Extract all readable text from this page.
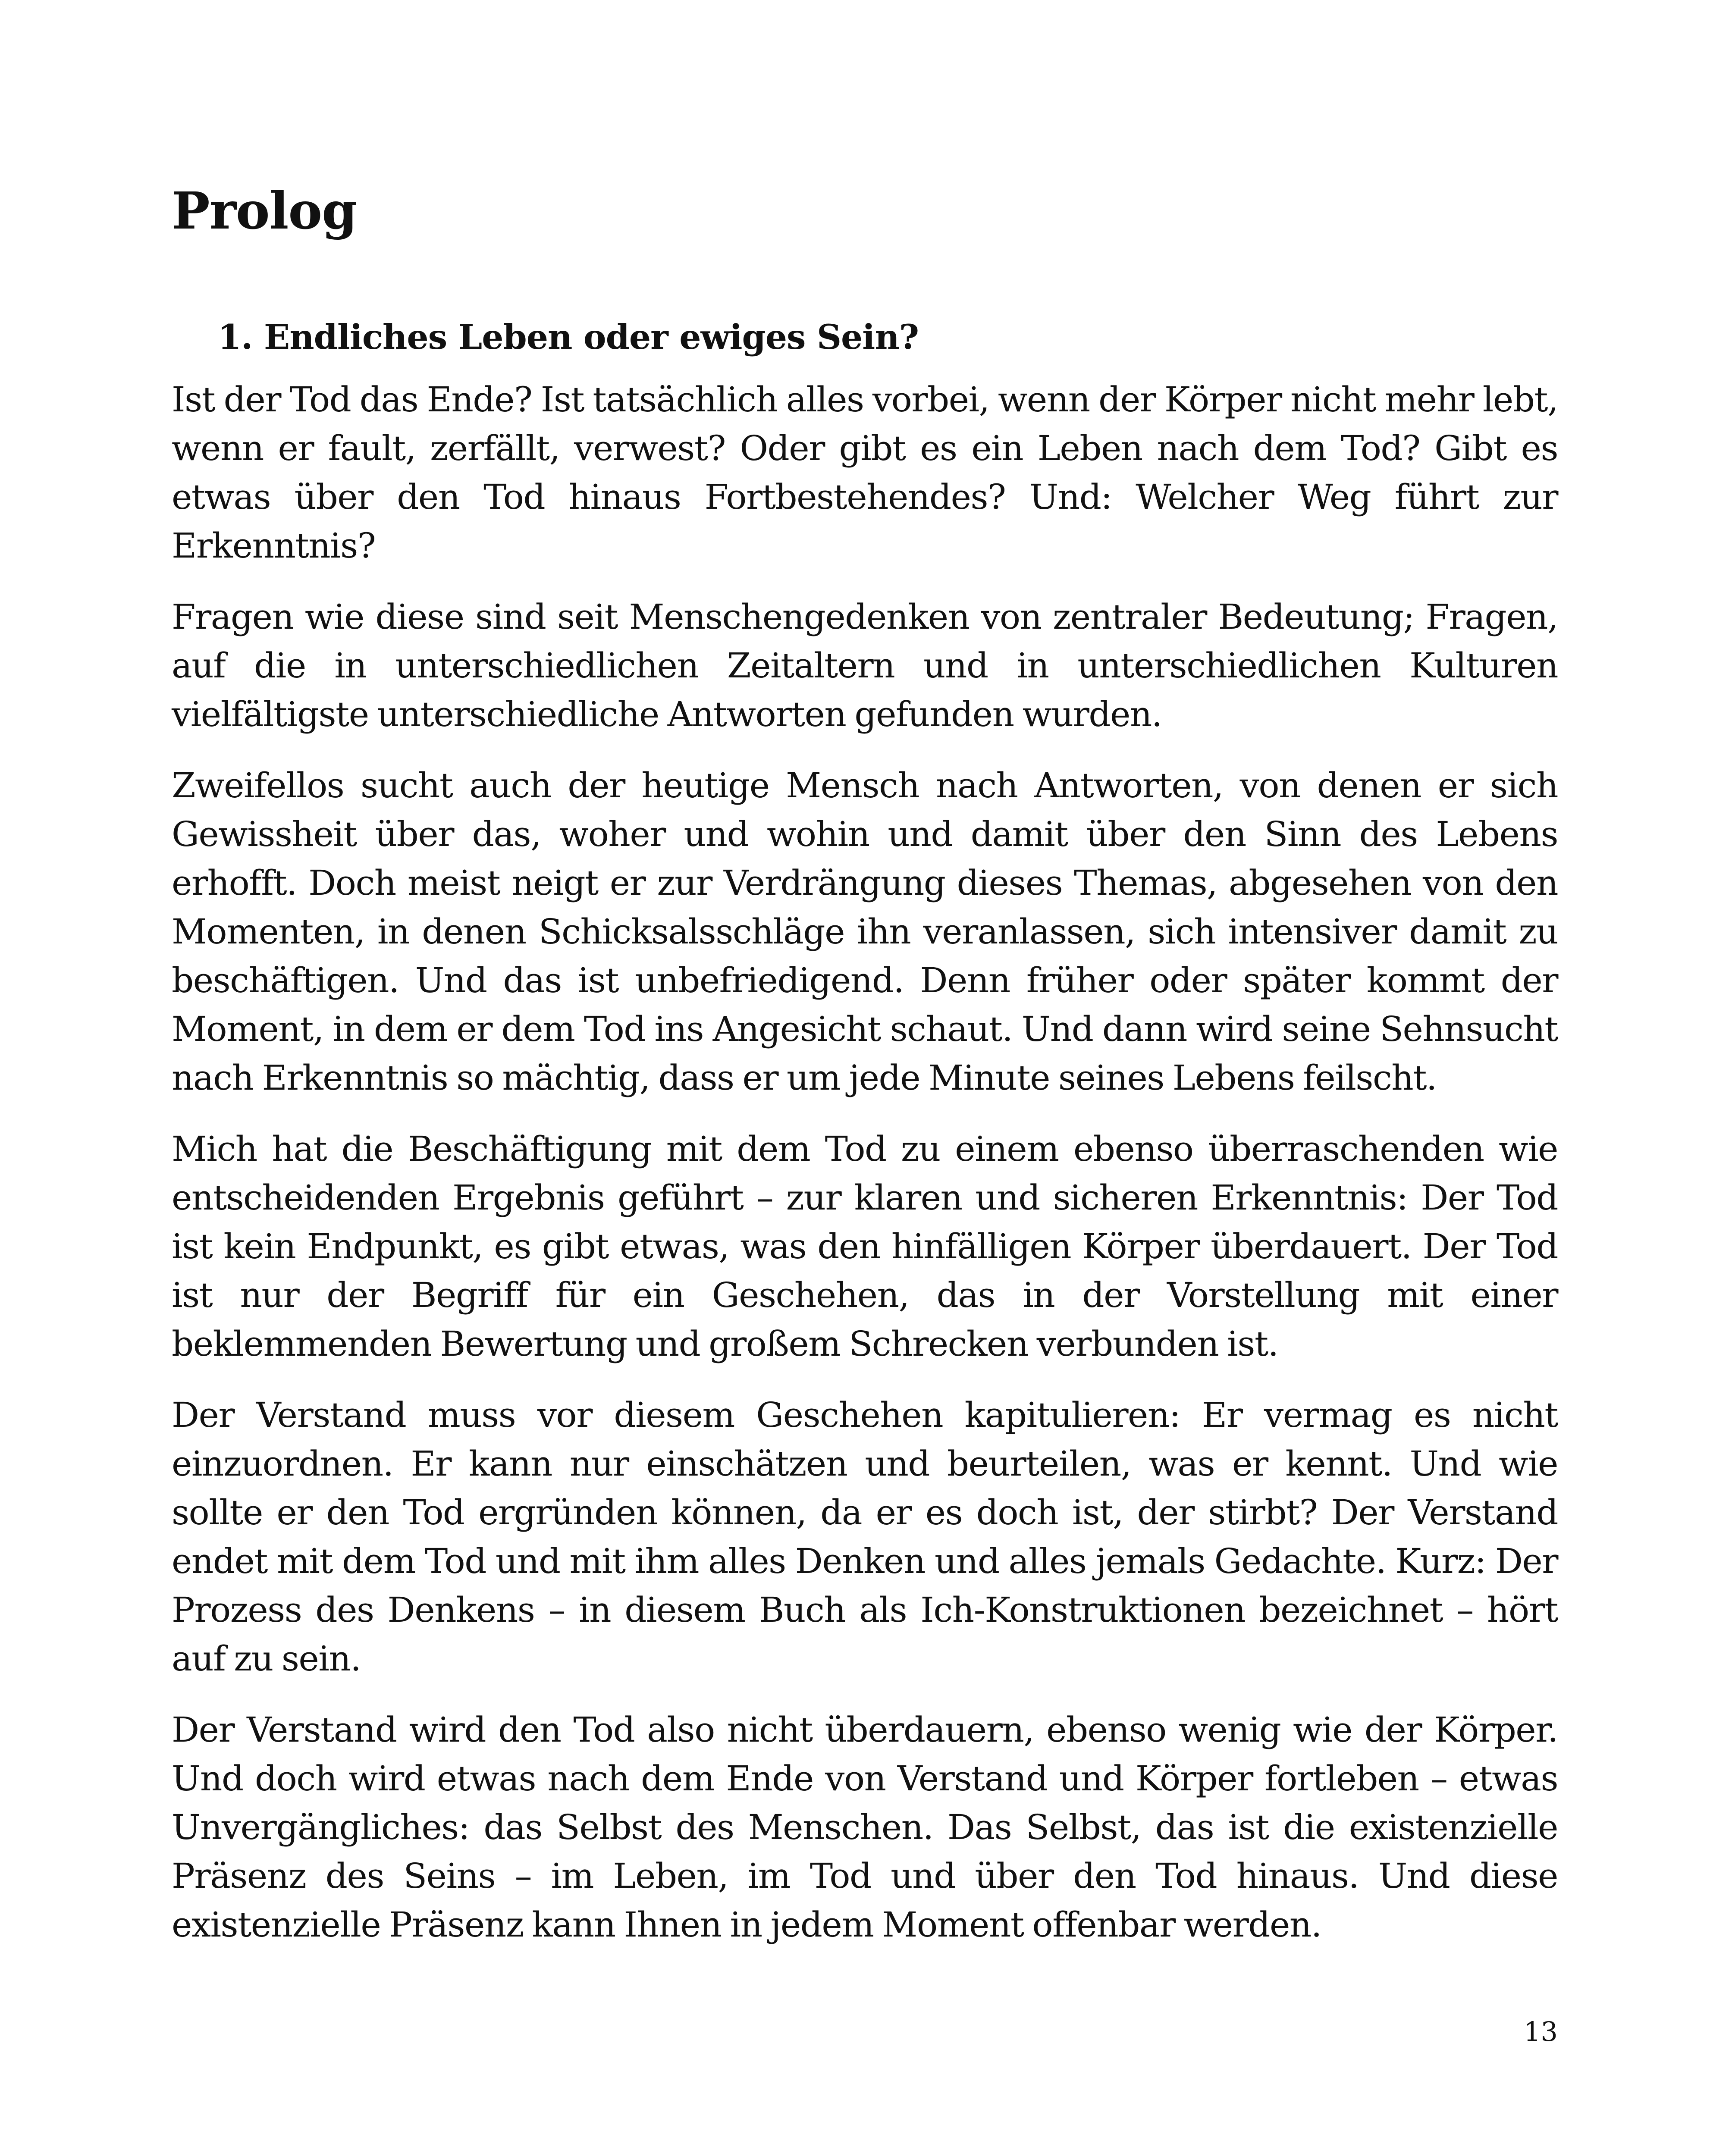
Prolog
1. Endliches Leben oder ewiges Sein?

Ist der Tod das Ende? Ist tatsächlich alles vorbei, wenn der Körper nicht mehr lebt, wenn er fault, zerfällt, verwest? Oder gibt es ein Leben nach dem Tod? Gibt es etwas über den Tod hinaus Fortbestehendes? Und: Welcher Weg führt zur Erkenntnis?

Fragen wie diese sind seit Menschengedenken von zentraler Bedeutung; Fragen, auf die in unterschiedlichen Zeitaltern und in unterschiedlichen Kulturen vielfältigste unterschiedliche Antworten gefunden wurden.

Zweifellos sucht auch der heutige Mensch nach Antworten, von denen er sich Gewissheit über das, woher und wohin und damit über den Sinn des Lebens erhofft. Doch meist neigt er zur Verdrängung dieses Themas, abgesehen von den Momenten, in denen Schicksalsschläge ihn veranlassen, sich intensiver damit zu beschäftigen. Und das ist unbefriedigend. Denn früher oder später kommt der Moment, in dem er dem Tod ins Angesicht schaut. Und dann wird seine Sehnsucht nach Erkenntnis so mächtig, dass er um jede Minute seines Lebens feilscht.

Mich hat die Beschäftigung mit dem Tod zu einem ebenso überraschenden wie entscheidenden Ergebnis geführt – zur klaren und sicheren Erkenntnis: Der Tod ist kein Endpunkt, es gibt etwas, was den hinfälligen Körper überdauert. Der Tod ist nur der Begriff für ein Geschehen, das in der Vorstellung mit einer beklemmenden Bewertung und großem Schrecken verbunden ist.

Der Verstand muss vor diesem Geschehen kapitulieren: Er vermag es nicht einzuordnen. Er kann nur einschätzen und beurteilen, was er kennt. Und wie sollte er den Tod ergründen können, da er es doch ist, der stirbt? Der Verstand endet mit dem Tod und mit ihm alles Denken und alles jemals Gedachte. Kurz: Der Prozess des Denkens – in diesem Buch als Ich-Konstruktionen bezeichnet – hört auf zu sein.

Der Verstand wird den Tod also nicht überdauern, ebenso wenig wie der Körper. Und doch wird etwas nach dem Ende von Verstand und Körper fortleben – etwas Unvergängliches: das Selbst des Menschen. Das Selbst, das ist die existenzielle Präsenz des Seins – im Leben, im Tod und über den Tod hinaus. Und diese existenzielle Präsenz kann Ihnen in jedem Moment offenbar werden.

13
